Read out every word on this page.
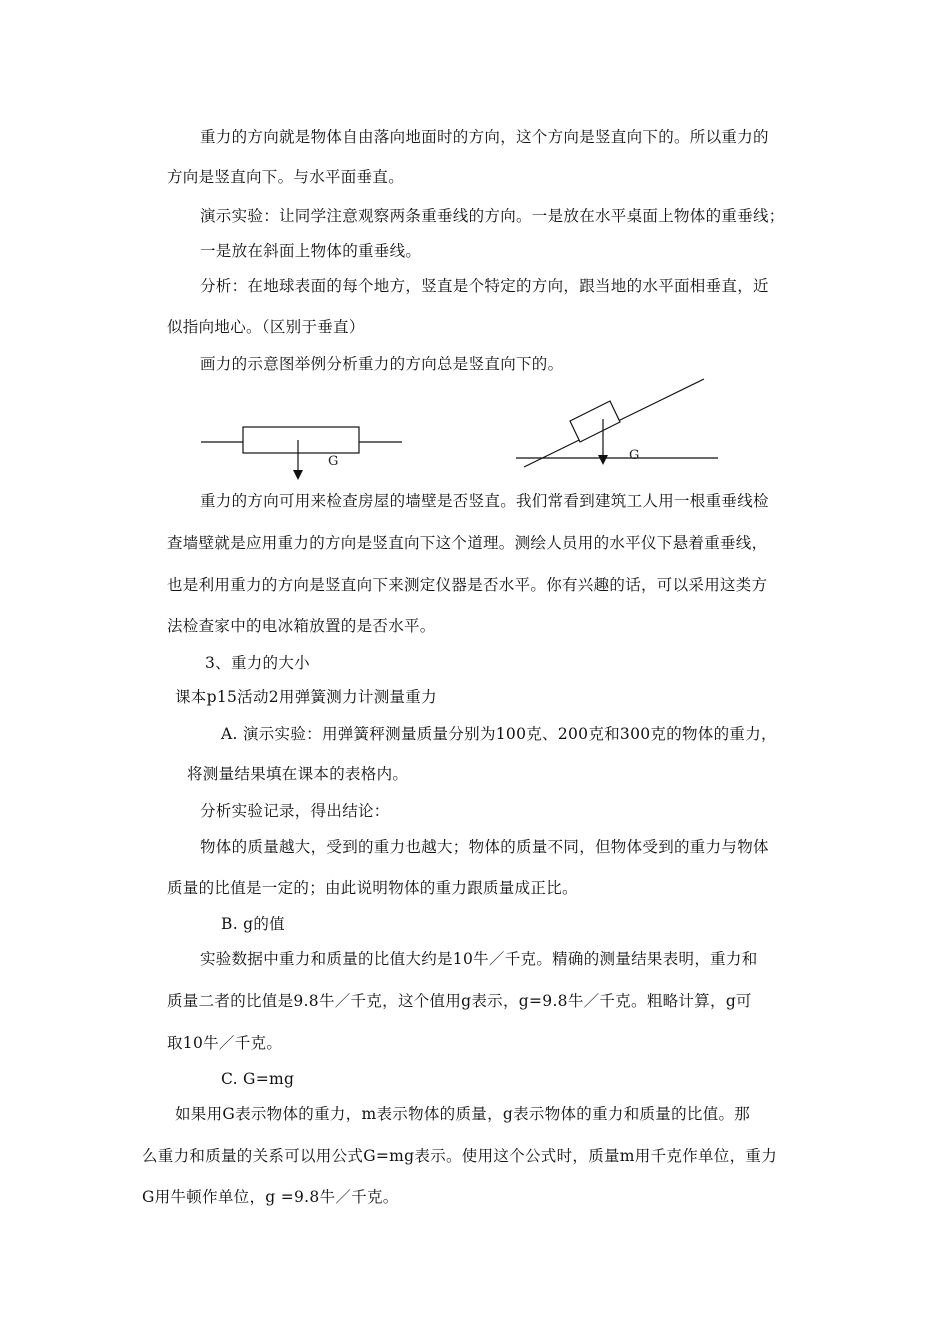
重力的方向就是物体自由落向地面时的方向，这个方向是竖直向下的。所以重力的
方向是竖直向下。与水平面垂直。
演示实验：让同学注意观察两条重垂线的方向。一是放在水平桌面上物体的重垂线；
一是放在斜面上物体的重垂线。
分析：在地球表面的每个地方，竖直是个特定的方向，跟当地的水平面相垂直，近
似指向地心。（区别于垂直）
画力的示意图举例分析重力的方向总是竖直向下的。
G	G
重力的方向可用来检查房屋的墙壁是否竖直。我们常看到建筑工人用一根重垂线检
查墙壁就是应用重力的方向是竖直向下这个道理。测绘人员用的水平仪下悬着重垂线，
也是利用重力的方向是竖直向下来测定仪器是否水平。你有兴趣的话，可以采用这类方
法检查家中的电冰箱放置的是否水平。
3、重力的大小
课本p15活动2用弹簧测力计测量重力
A. 演示实验：用弹簧秤测量质量分别为100克、200克和300克的物体的重力，
将测量结果填在课本的表格内。
分析实验记录，得出结论：
物体的质量越大，受到的重力也越大；物体的质量不同，但物体受到的重力与物体
质量的比值是一定的；由此说明物体的重力跟质量成正比。
B. g的值
实验数据中重力和质量的比值大约是10牛／千克。精确的测量结果表明，重力和
质量二者的比值是9.8牛／千克，这个值用g表示，g=9.8牛／千克。粗略计算，g可
取10牛／千克。
C. G=mg
如果用G表示物体的重力，m表示物体的质量，g表示物体的重力和质量的比值。那
么重力和质量的关系可以用公式G=mg表示。使用这个公式时，质量m用千克作单位，重力
G用牛顿作单位，g =9.8牛／千克。
